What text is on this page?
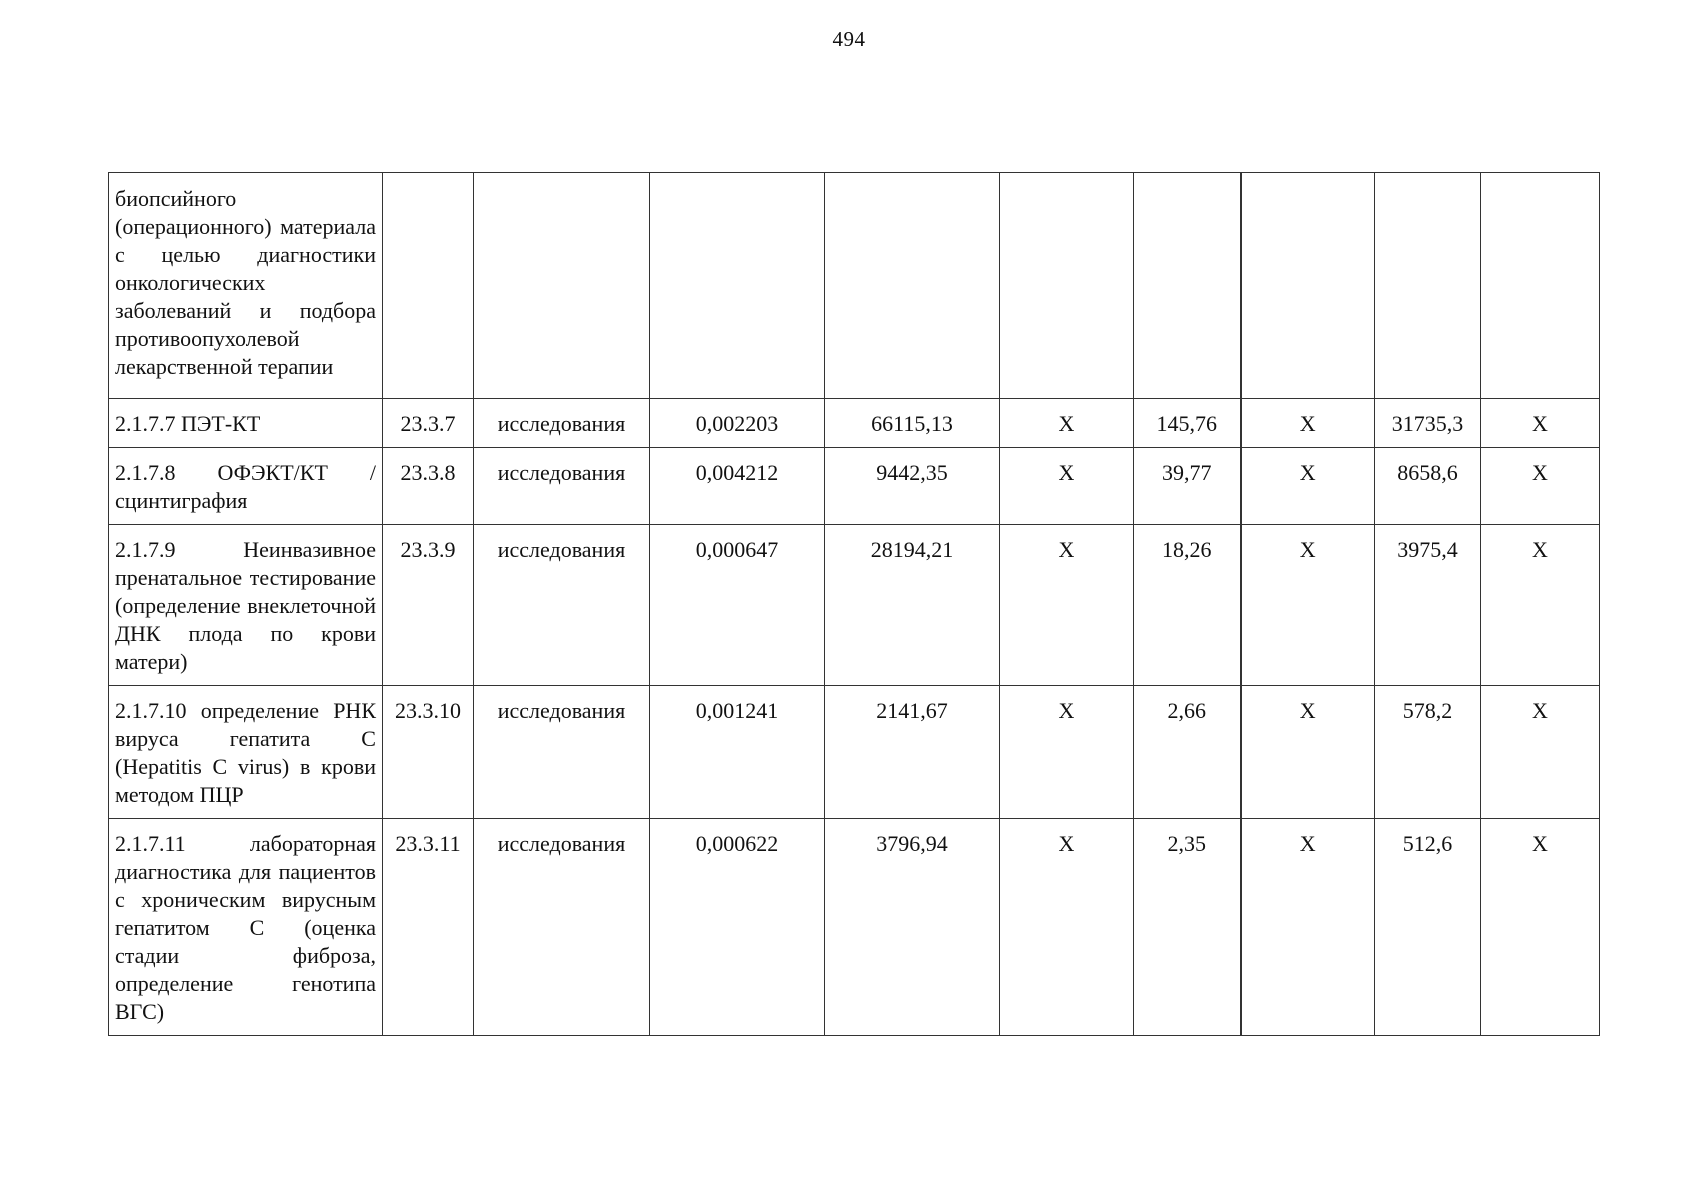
494
биопсийного (операционного) материала с целью диагностики онкологических заболеваний и подбора противоопухолевой лекарственной терапии									
2.1.7.7 ПЭТ-КТ	23.3.7	исследования	0,002203	66115,13	Х	145,76	Х	31735,3	Х
2.1.7.8 ОФЭКТ/КТ /сцинтиграфия	23.3.8	исследования	0,004212	9442,35	Х	39,77	Х	8658,6	Х
2.1.7.9 Неинвазивное пренатальное тестирование (определение внеклеточной ДНК плода по крови матери)	23.3.9	исследования	0,000647	28194,21	Х	18,26	Х	3975,4	Х
2.1.7.10 определение РНК вируса гепатита C (Hepatitis C virus) в крови методом ПЦР	23.3.10	исследования	0,001241	2141,67	Х	2,66	Х	578,2	Х
2.1.7.11 лабораторная диагностика для пациентов с хроническим вирусным гепатитом C (оценка стадии фиброза, определение генотипа ВГС)	23.3.11	исследования	0,000622	3796,94	Х	2,35	Х	512,6	Х
